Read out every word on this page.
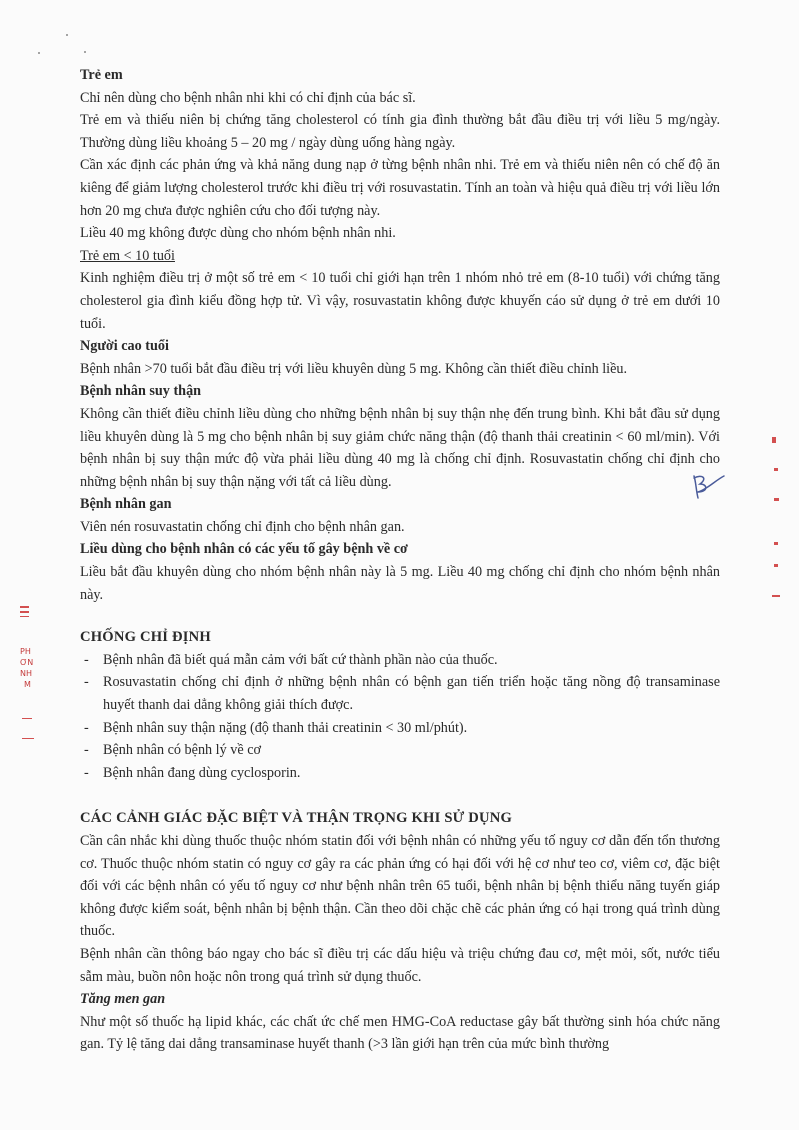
PH
ƠN
NH
M

Trẻ em

Chỉ nên dùng cho bệnh nhân nhi khi có chỉ định của bác sĩ.

Trẻ em và thiếu niên bị chứng tăng cholesterol có tính gia đình thường bắt đầu điều trị với liều 5 mg/ngày. Thường dùng liều khoảng 5 – 20 mg / ngày dùng uống hàng ngày.

Cần xác định các phản ứng và khả năng dung nạp ở từng bệnh nhân nhi. Trẻ em và thiếu niên nên có chế độ ăn kiêng để giảm lượng cholesterol trước khi điều trị với rosuvastatin. Tính an toàn và hiệu quả điều trị với liều lớn hơn 20 mg chưa được nghiên cứu cho đối tượng này.

Liều 40 mg không được dùng cho nhóm bệnh nhân nhi.

Trẻ em < 10 tuổi

Kinh nghiệm điều trị ở một số trẻ em < 10 tuổi chỉ giới hạn trên 1 nhóm nhỏ trẻ em (8-10 tuổi) với chứng tăng cholesterol gia đình kiểu đồng hợp tử. Vì vậy, rosuvastatin không được khuyến cáo sử dụng ở trẻ em dưới 10 tuổi.

Người cao tuổi

Bệnh nhân >70 tuổi bắt đầu điều trị với liều khuyên dùng 5 mg. Không cần thiết điều chỉnh liều.

Bệnh nhân suy thận

Không cần thiết điều chỉnh liều dùng cho những bệnh nhân bị suy thận nhẹ đến trung bình. Khi bắt đầu sử dụng liều khuyên dùng là 5 mg cho bệnh nhân bị suy giảm chức năng thận (độ thanh thải creatinin < 60 ml/min). Với bệnh nhân bị suy thận mức độ vừa phải liều dùng 40 mg là chống chỉ định. Rosuvastatin chống chỉ định cho những bệnh nhân bị suy thận nặng với tất cả liều dùng.

Bệnh nhân gan

Viên nén rosuvastatin chống chỉ định cho bệnh nhân gan.

Liều dùng cho bệnh nhân có các yếu tố gây bệnh về cơ

Liều bắt đầu khuyên dùng cho nhóm bệnh nhân này là 5 mg. Liều 40 mg chống chỉ định cho nhóm bệnh nhân này.

CHỐNG CHỈ ĐỊNH

- Bệnh nhân đã biết quá mẫn cảm với bất cứ thành phần nào của thuốc.
- Rosuvastatin chống chỉ định ở những bệnh nhân có bệnh gan tiến triển hoặc tăng nồng độ transaminase huyết thanh dai dẳng không giải thích được.
- Bệnh nhân suy thận nặng (độ thanh thải creatinin < 30 ml/phút).
- Bệnh nhân có bệnh lý về cơ
- Bệnh nhân đang dùng cyclosporin.

CÁC CẢNH GIÁC ĐẶC BIỆT VÀ THẬN TRỌNG KHI SỬ DỤNG

Cần cân nhắc khi dùng thuốc thuộc nhóm statin đối với bệnh nhân có những yếu tố nguy cơ dẫn đến tổn thương cơ. Thuốc thuộc nhóm statin có nguy cơ gây ra các phản ứng có hại đối với hệ cơ như teo cơ, viêm cơ, đặc biệt đối với các bệnh nhân có yếu tố nguy cơ như bệnh nhân trên 65 tuổi, bệnh nhân bị bệnh thiểu năng tuyến giáp không được kiểm soát, bệnh nhân bị bệnh thận. Cần theo dõi chặc chẽ các phản ứng có hại trong quá trình dùng thuốc.

Bệnh nhân cần thông báo ngay cho bác sĩ điều trị các dấu hiệu và triệu chứng đau cơ, mệt mỏi, sốt, nước tiểu sẫm màu, buồn nôn hoặc nôn trong quá trình sử dụng thuốc.

Tăng men gan

Như một số thuốc hạ lipid khác, các chất ức chế men HMG-CoA reductase gây bất thường sinh hóa chức năng gan. Tỷ lệ tăng dai dẳng transaminase huyết thanh (>3 lần giới hạn trên của mức bình thường
